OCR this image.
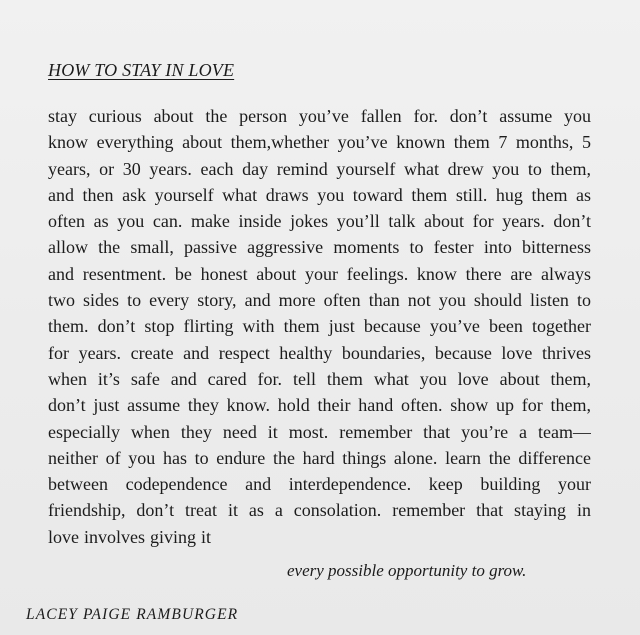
HOW TO STAY IN LOVE
stay curious about the person you’ve fallen for. don’t assume you
know everything about them,whether you’ve known them 7 months, 5
years, or 30 years. each day remind yourself what drew you to them,
and then ask yourself what draws you toward them still. hug them as
often as you can. make inside jokes you’ll talk about for years. don’t
allow the small, passive aggressive moments to fester into bitterness
and resentment. be honest about your feelings. know there are always
two sides to every story, and more often than not you should listen to
them. don’t stop flirting with them just because you’ve been together
for years. create and respect healthy boundaries, because love thrives
when it’s safe and cared for. tell them what you love about them,
don’t just assume they know. hold their hand often. show up for them,
especially when they need it most. remember that you’re a team—
neither of you has to endure the hard things alone. learn the difference
between codependence and interdependence. keep building your
friendship, don’t treat it as a consolation. remember that staying in
love involves giving it
every possible opportunity to grow.
LACEY PAIGE RAMBURGER
